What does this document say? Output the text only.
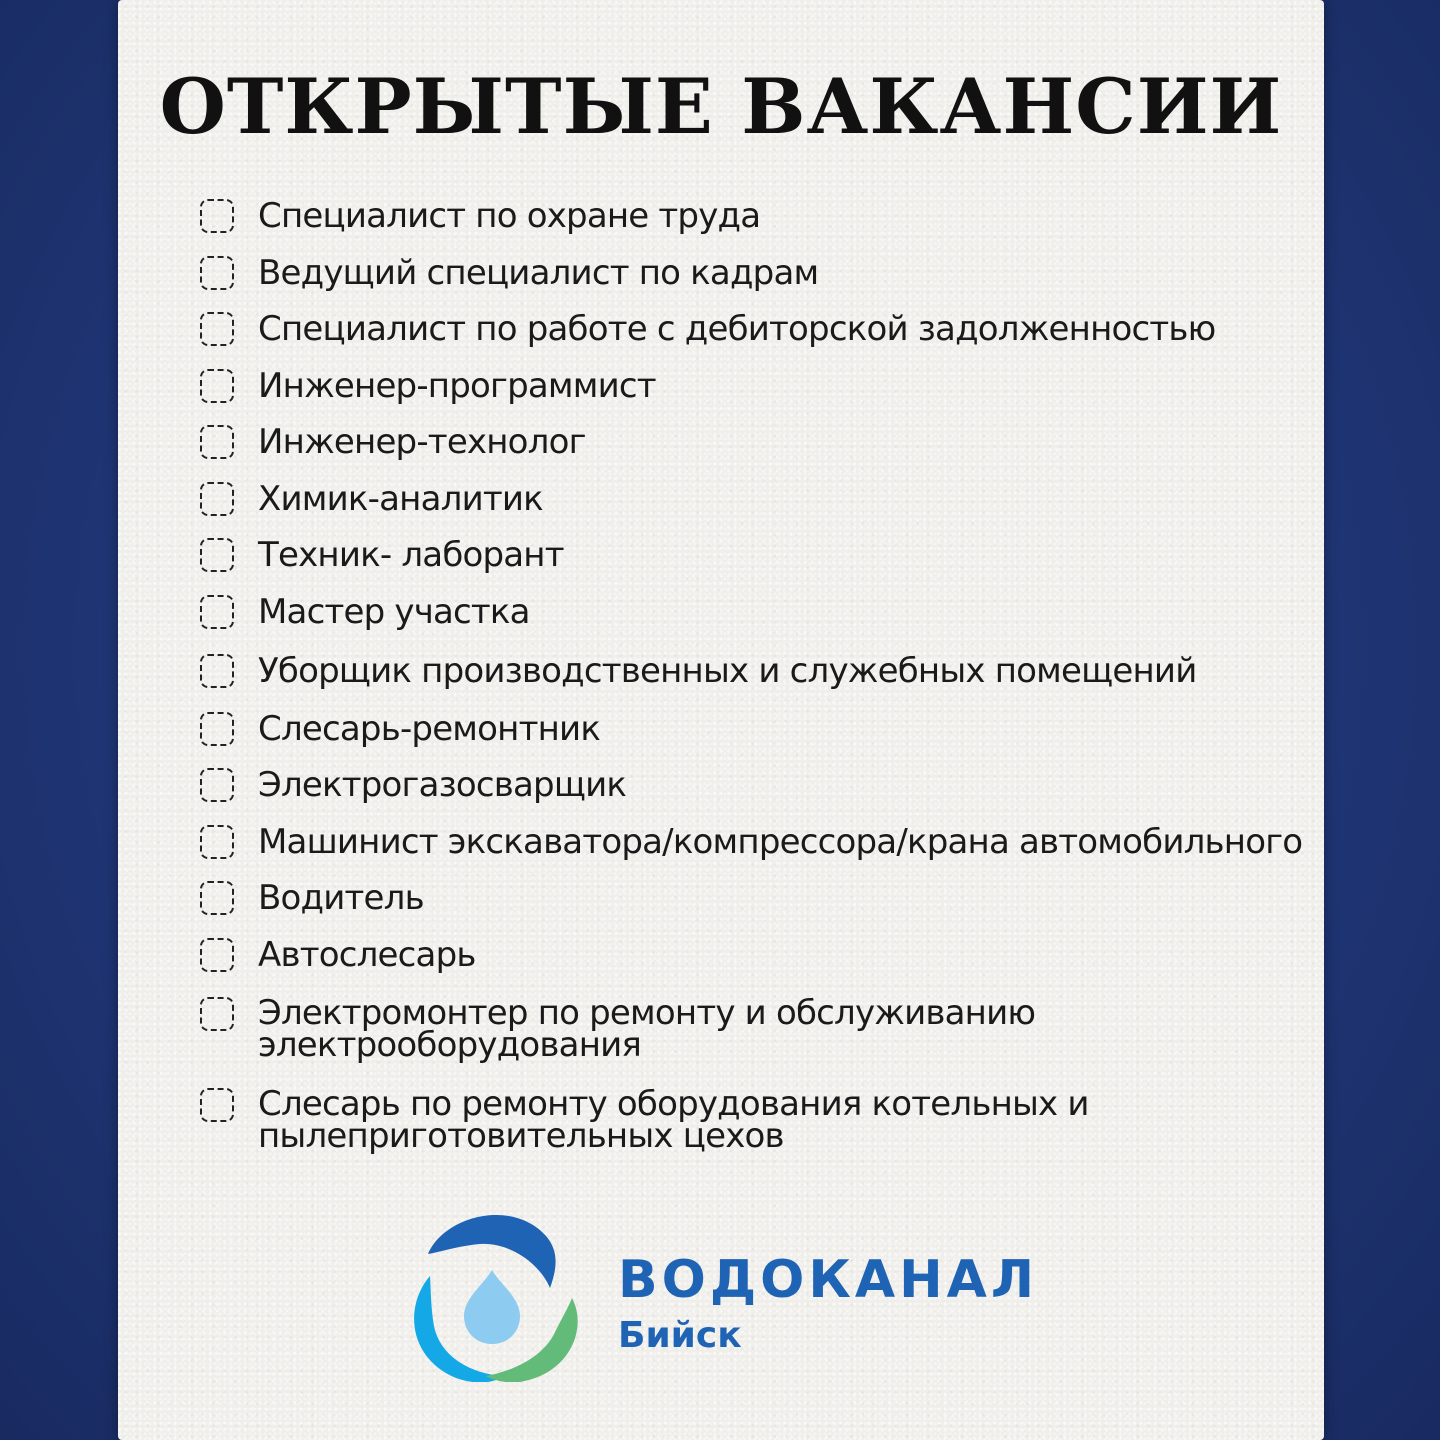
ОТКРЫТЫЕ ВАКАНСИИ
Специалист по охране труда
Ведущий специалист по кадрам
Специалист по работе с дебиторской задолженностью
Инженер-программист
Инженер-технолог
Химик-аналитик
Техник- лаборант
Мастер участка
Уборщик производственных и служебных помещений
Слесарь-ремонтник
Электрогазосварщик
Машинист экскаватора/компрессора/крана автомобильного
Водитель
Автослесарь
Электромонтер по ремонту и обслуживанию
электрооборудования
Слесарь по ремонту оборудования котельных и
пылеприготовительных цехов

ВОДОКАНАЛ

Бийск
